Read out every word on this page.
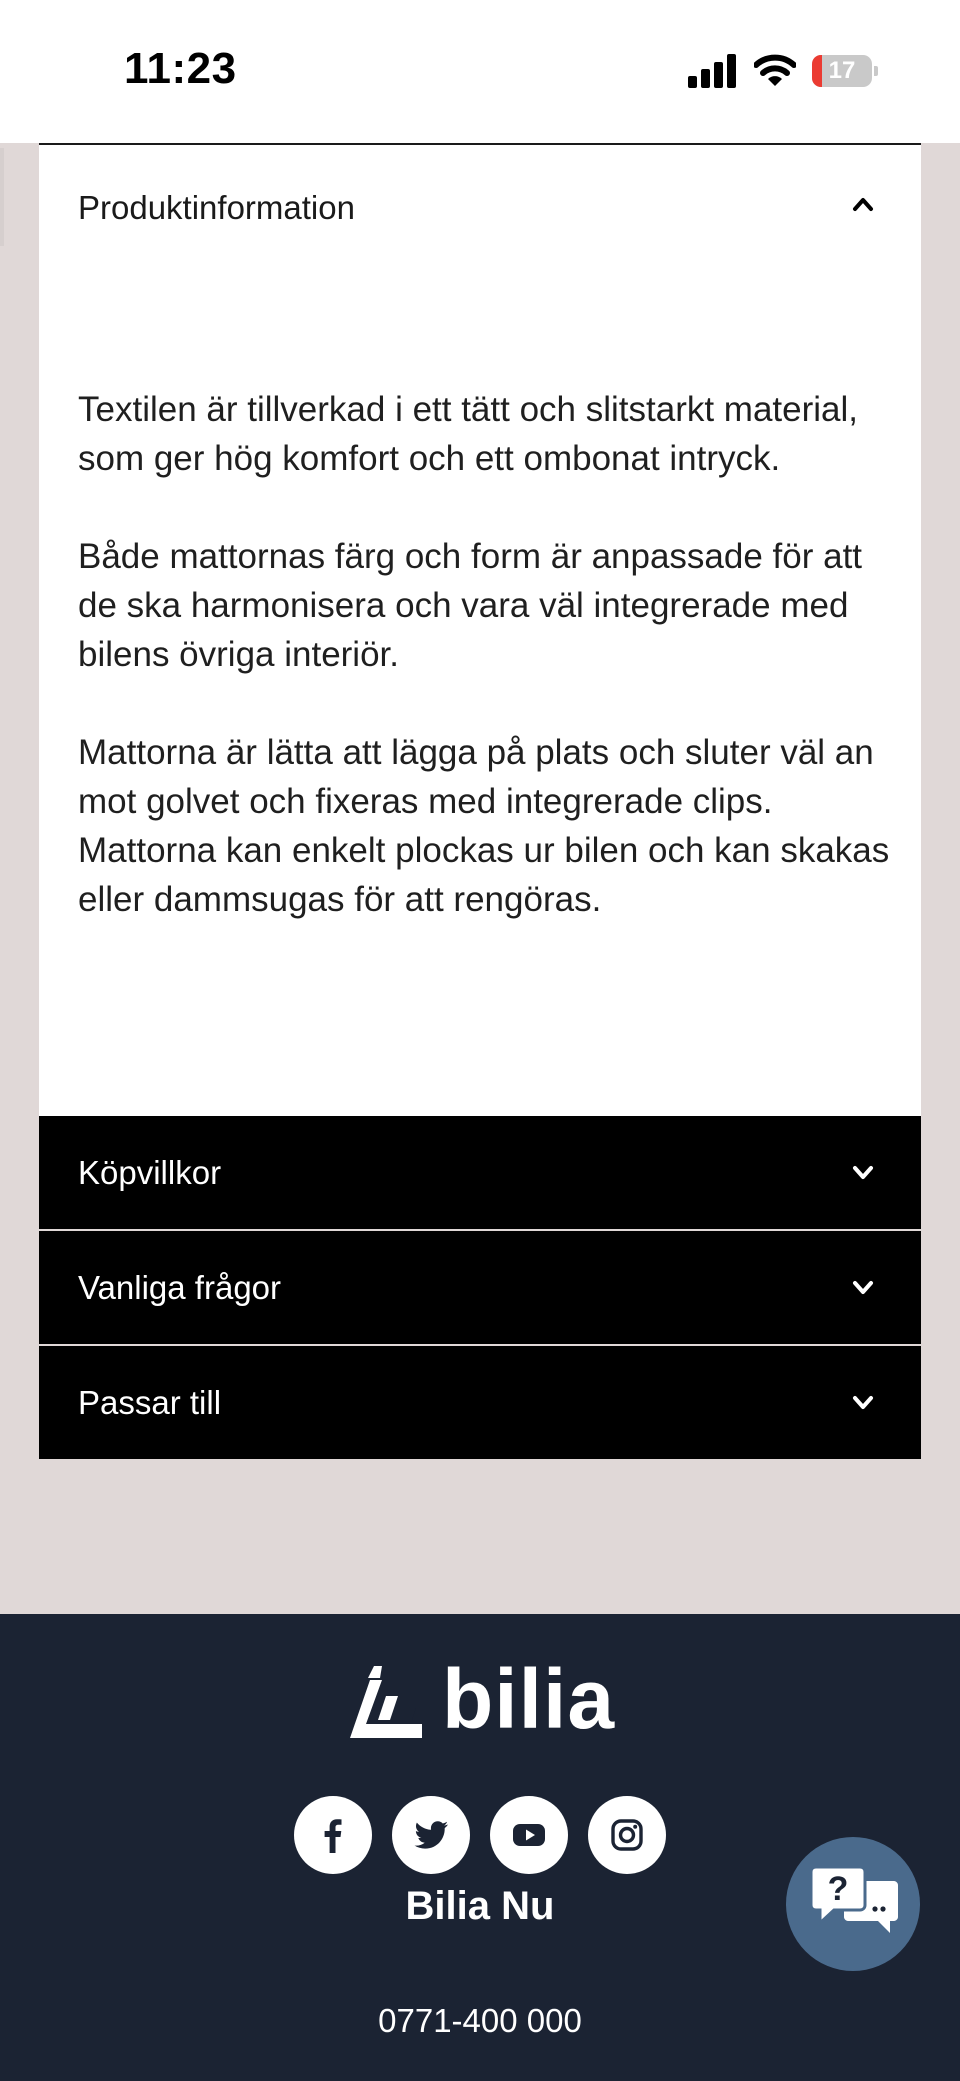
11:23	17
Produktinformation

Textilen är tillverkad i ett tätt och slitstarkt material, som ger hög komfort och ett ombonat intryck.

Både mattornas färg och form är anpassade för att de ska harmonisera och vara väl integrerade med bilens övriga interiör.

Mattorna är lätta att lägga på plats och sluter väl an mot golvet och fixeras med integrerade clips. Mattorna kan enkelt plockas ur bilen och kan skakas eller dammsugas för att rengöras.

Köpvillkor
Vanliga frågor
Passar till
bilia
Bilia Nu
0771-400 000
?
